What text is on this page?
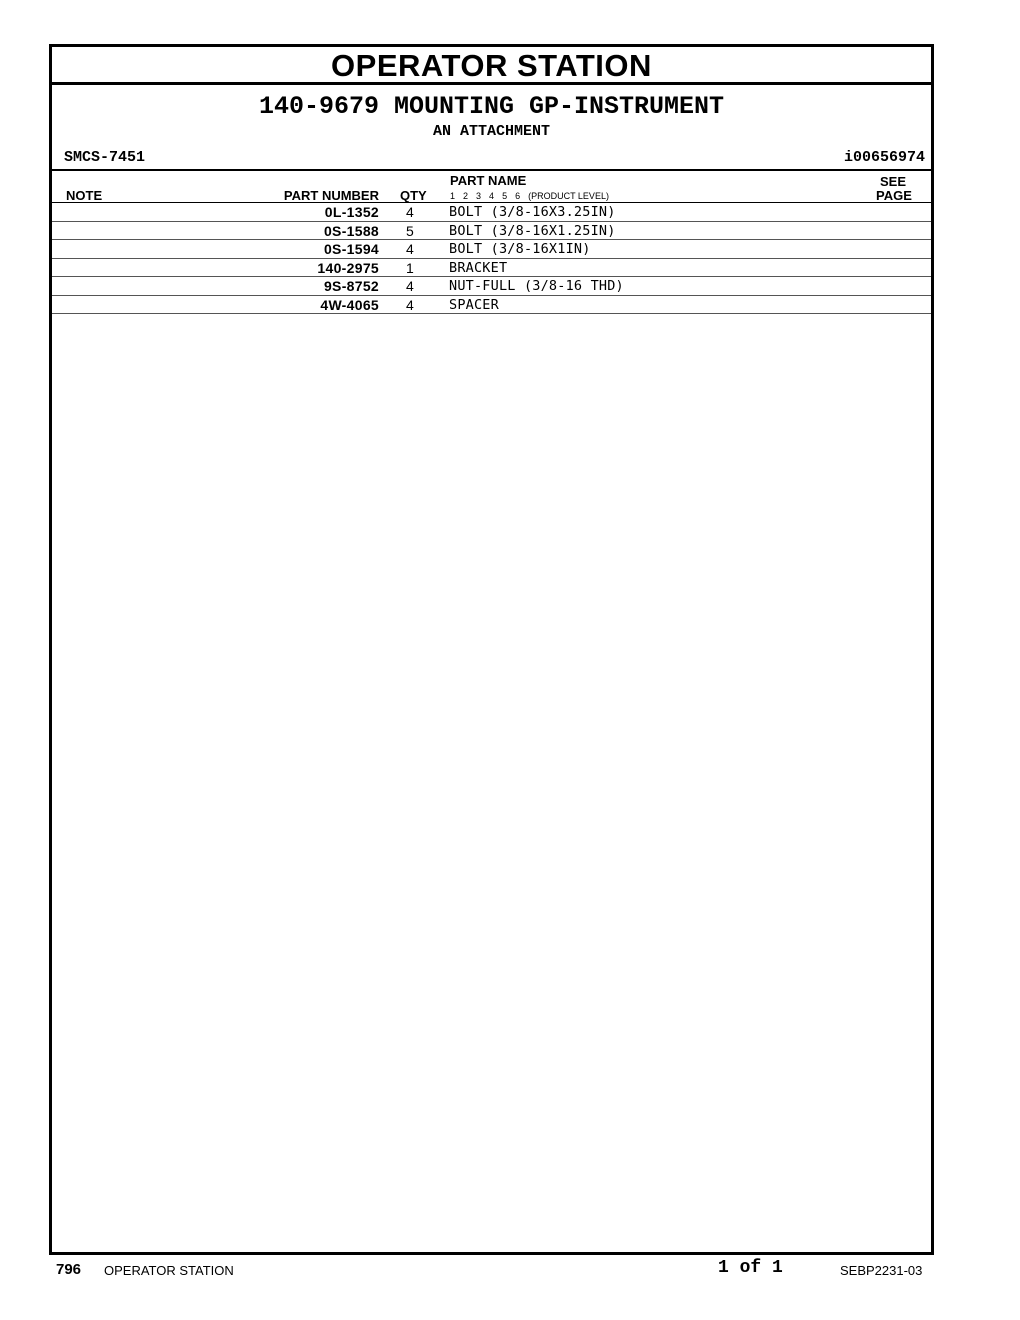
OPERATOR STATION
140-9679 MOUNTING GP-INSTRUMENT
AN ATTACHMENT
SMCS-7451	i00656974
NOTE	PART NUMBER QTY
PART NAME
1 2 3 4 5 6 (PRODUCT LEVEL)
SEE
PAGE
0L-1352 4	BOLT (3/8-16X3.25IN)
0S-1588 5	BOLT (3/8-16X1.25IN)
0S-1594 4	BOLT (3/8-16X1IN)
140-2975 1	BRACKET
9S-8752 4	NUT-FULL (3/8-16 THD)
4W-4065 4	SPACER
796 OPERATOR STATION	1 of 1	SEBP2231-03
